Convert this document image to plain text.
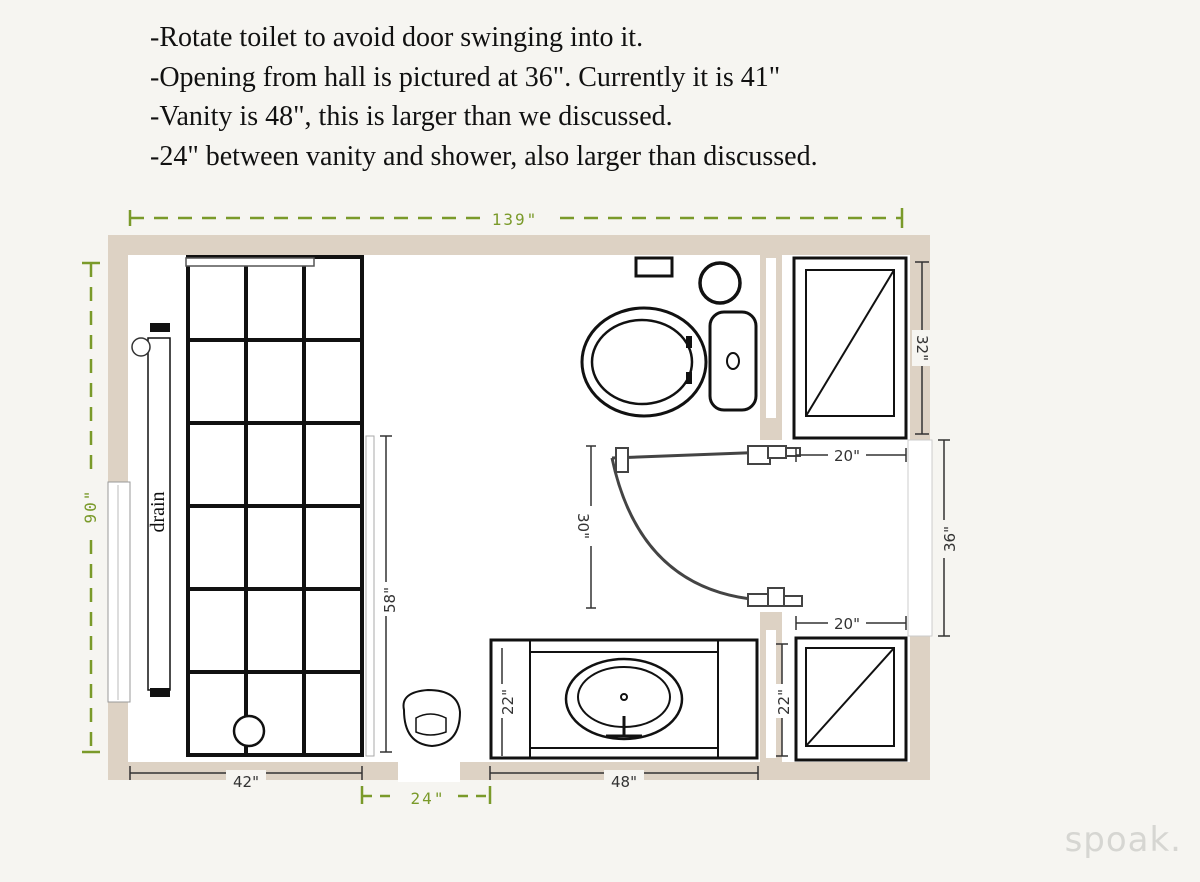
-Rotate toilet to avoid door swinging into it.
-Opening from hall is pictured at 36". Currently it is 41"
-Vanity is 48", this is larger than we discussed.
-24" between vanity and shower, also larger than discussed.
drain
58"
30"
22"	22"
32"
36"
20"
20"
42"	48"
139"
90"
24"
spoak.
